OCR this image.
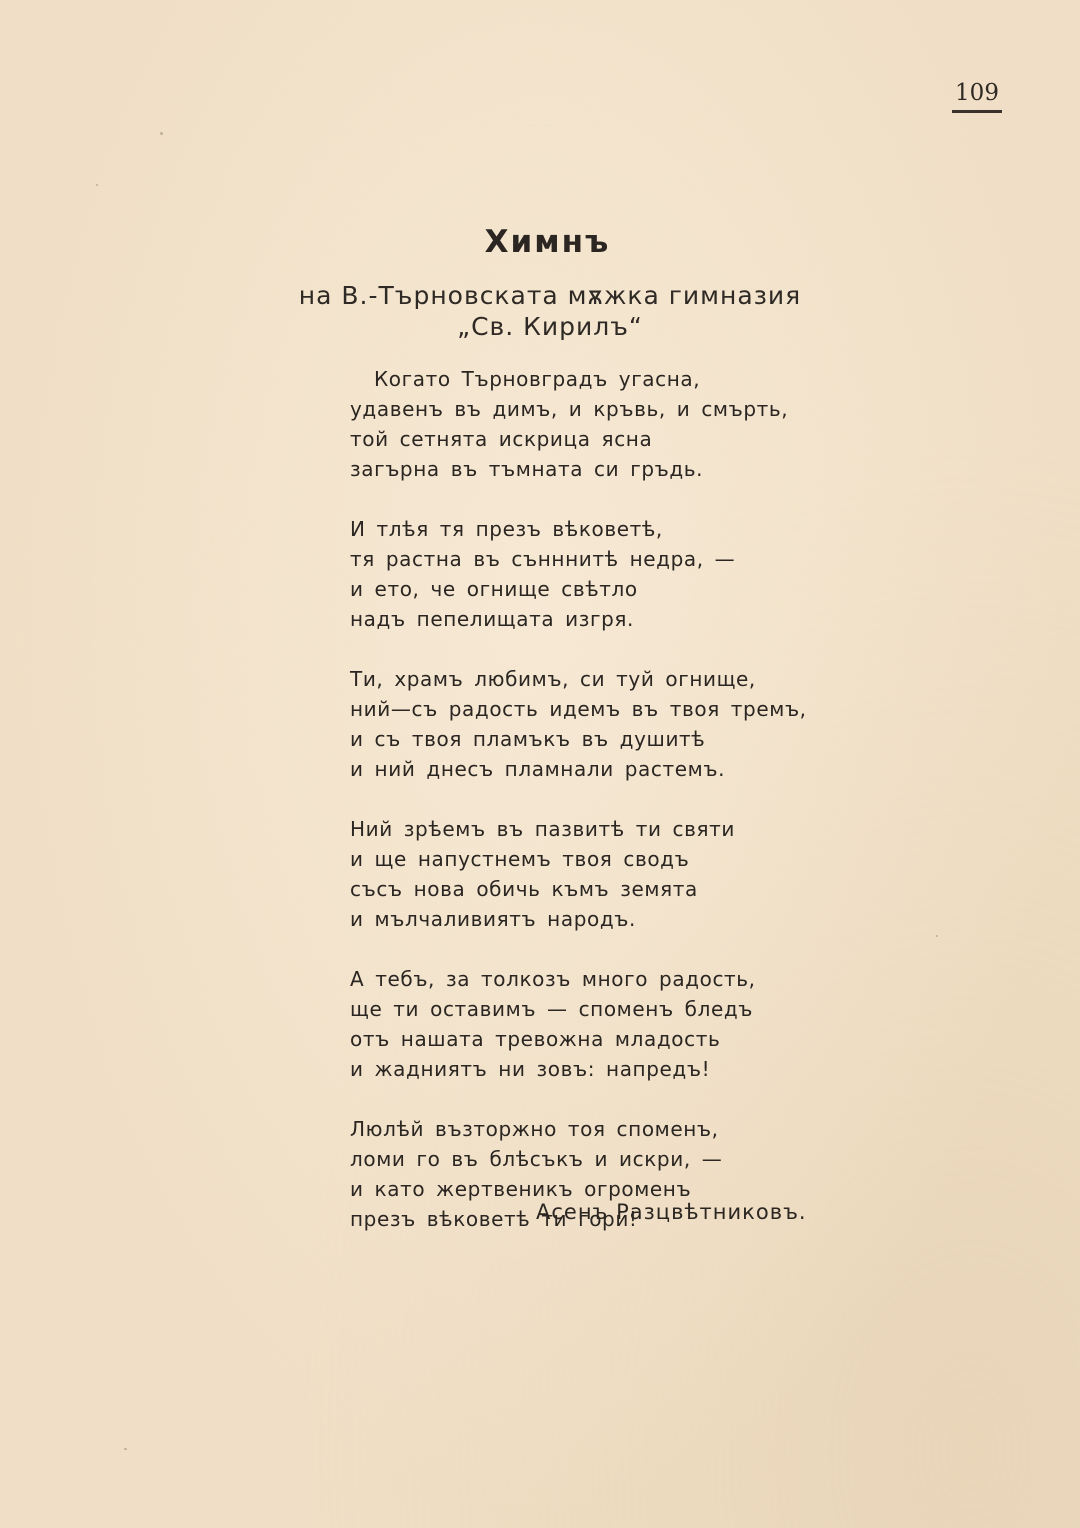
109
Химнъ
на В.-Търновската мѫжка гимназия
„Св. Кирилъ“
Когато Търновградъ угасна,
удавенъ въ димъ, и кръвь, и смърть,
той сетнята искрица ясна
загърна въ тъмната си гръдь.
И тлѣя тя презъ вѣковетѣ,
тя растна въ сънннитѣ недра, —
и ето, че огнище свѣтло
надъ пепелищата изгря.
Ти, храмъ любимъ, си туй огнище,
ний—съ радость идемъ въ твоя тремъ,
и съ твоя пламъкъ въ душитѣ
и ний днесъ пламнали растемъ.
Ний зрѣемъ въ пазвитѣ ти святи
и ще напустнемъ твоя сводъ
съсъ нова обичь къмъ земята
и мълчаливиятъ народъ.
А тебъ, за толкозъ много радость,
ще ти оставимъ — споменъ бледъ
отъ нашата тревожна младость
и жадниятъ ни зовъ: напредъ!
Люлѣй възторжно тоя споменъ,
ломи го въ блѣсъкъ и искри, —
и като жертвеникъ огроменъ
презъ вѣковетѣ ти гори!
Асенъ Разцвѣтниковъ.
